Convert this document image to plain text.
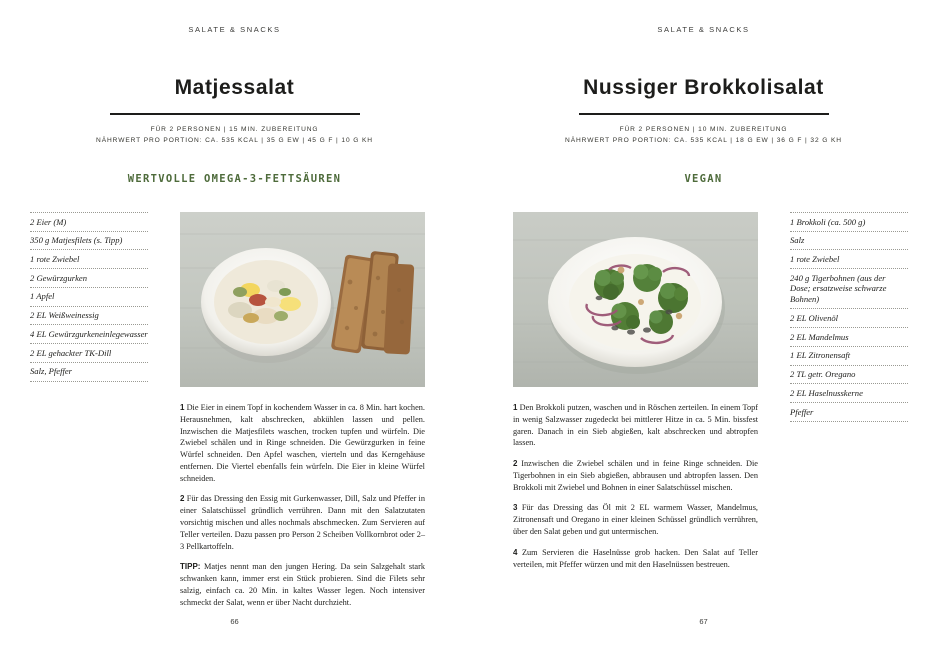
SALATE & SNACKS
Matjessalat
FÜR 2 PERSONEN | 15 MIN. ZUBEREITUNG
NÄHRWERT PRO PORTION: CA. 535 KCAL | 35 G EW | 45 G F | 10 G KH
WERTVOLLE OMEGA-3-FETTSÄUREN
2 Eier (M)
350 g Matjesfilets (s. Tipp)
1 rote Zwiebel
2 Gewürzgurken
1 Apfel
2 EL Weißweinessig
4 EL Gewürzgurkeneinlegewasser
2 EL gehackter TK-Dill
Salz, Pfeffer
1 Die Eier in einem Topf in kochendem Wasser in ca. 8 Min. hart kochen. Herausnehmen, kalt abschrecken, abkühlen lassen und pellen. Inzwischen die Matjesfilets waschen, trocken tupfen und würfeln. Die Zwiebel schälen und in Ringe schneiden. Die Gewürzgurken in feine Würfel schneiden. Den Apfel waschen, vierteln und das Kerngehäuse entfernen. Die Viertel ebenfalls fein würfeln. Die Eier in kleine Würfel schneiden.
2 Für das Dressing den Essig mit Gurkenwasser, Dill, Salz und Pfeffer in einer Salatschüssel gründlich verrühren. Dann mit den Salatzutaten vorsichtig mischen und alles nochmals abschmecken. Zum Servieren auf Teller verteilen. Dazu passen pro Person 2 Scheiben Vollkornbrot oder 2–3 Pellkartoffeln.
TIPP: Matjes nennt man den jungen Hering. Da sein Salzgehalt stark schwanken kann, immer erst ein Stück probieren. Sind die Filets sehr salzig, einfach ca. 20 Min. in kaltes Wasser legen. Noch intensiver schmeckt der Salat, wenn er über Nacht durchzieht.
66
SALATE & SNACKS
Nussiger Brokkolisalat
FÜR 2 PERSONEN | 10 MIN. ZUBEREITUNG
NÄHRWERT PRO PORTION: CA. 535 KCAL | 18 G EW | 36 G F | 32 G KH
VEGAN
1 Brokkoli (ca. 500 g)
Salz
1 rote Zwiebel
240 g Tigerbohnen (aus der Dose; ersatzweise schwarze Bohnen)
2 EL Olivenöl
2 EL Mandelmus
1 EL Zitronensaft
2 TL getr. Oregano
2 EL Haselnusskerne
Pfeffer
1 Den Brokkoli putzen, waschen und in Röschen zerteilen. In einem Topf in wenig Salzwasser zugedeckt bei mittlerer Hitze in ca. 5 Min. bissfest garen. Danach in ein Sieb abgießen, kalt abschrecken und abtropfen lassen.
2 Inzwischen die Zwiebel schälen und in feine Ringe schneiden. Die Tigerbohnen in ein Sieb abgießen, abbrausen und abtropfen lassen. Den Brokkoli mit Zwiebel und Bohnen in einer Salatschüssel mischen.
3 Für das Dressing das Öl mit 2 EL warmem Wasser, Mandelmus, Zitronensaft und Oregano in einer kleinen Schüssel gründlich verrühren, über den Salat geben und gut untermischen.
4 Zum Servieren die Haselnüsse grob hacken. Den Salat auf Teller verteilen, mit Pfeffer würzen und mit den Haselnüssen bestreuen.
67
